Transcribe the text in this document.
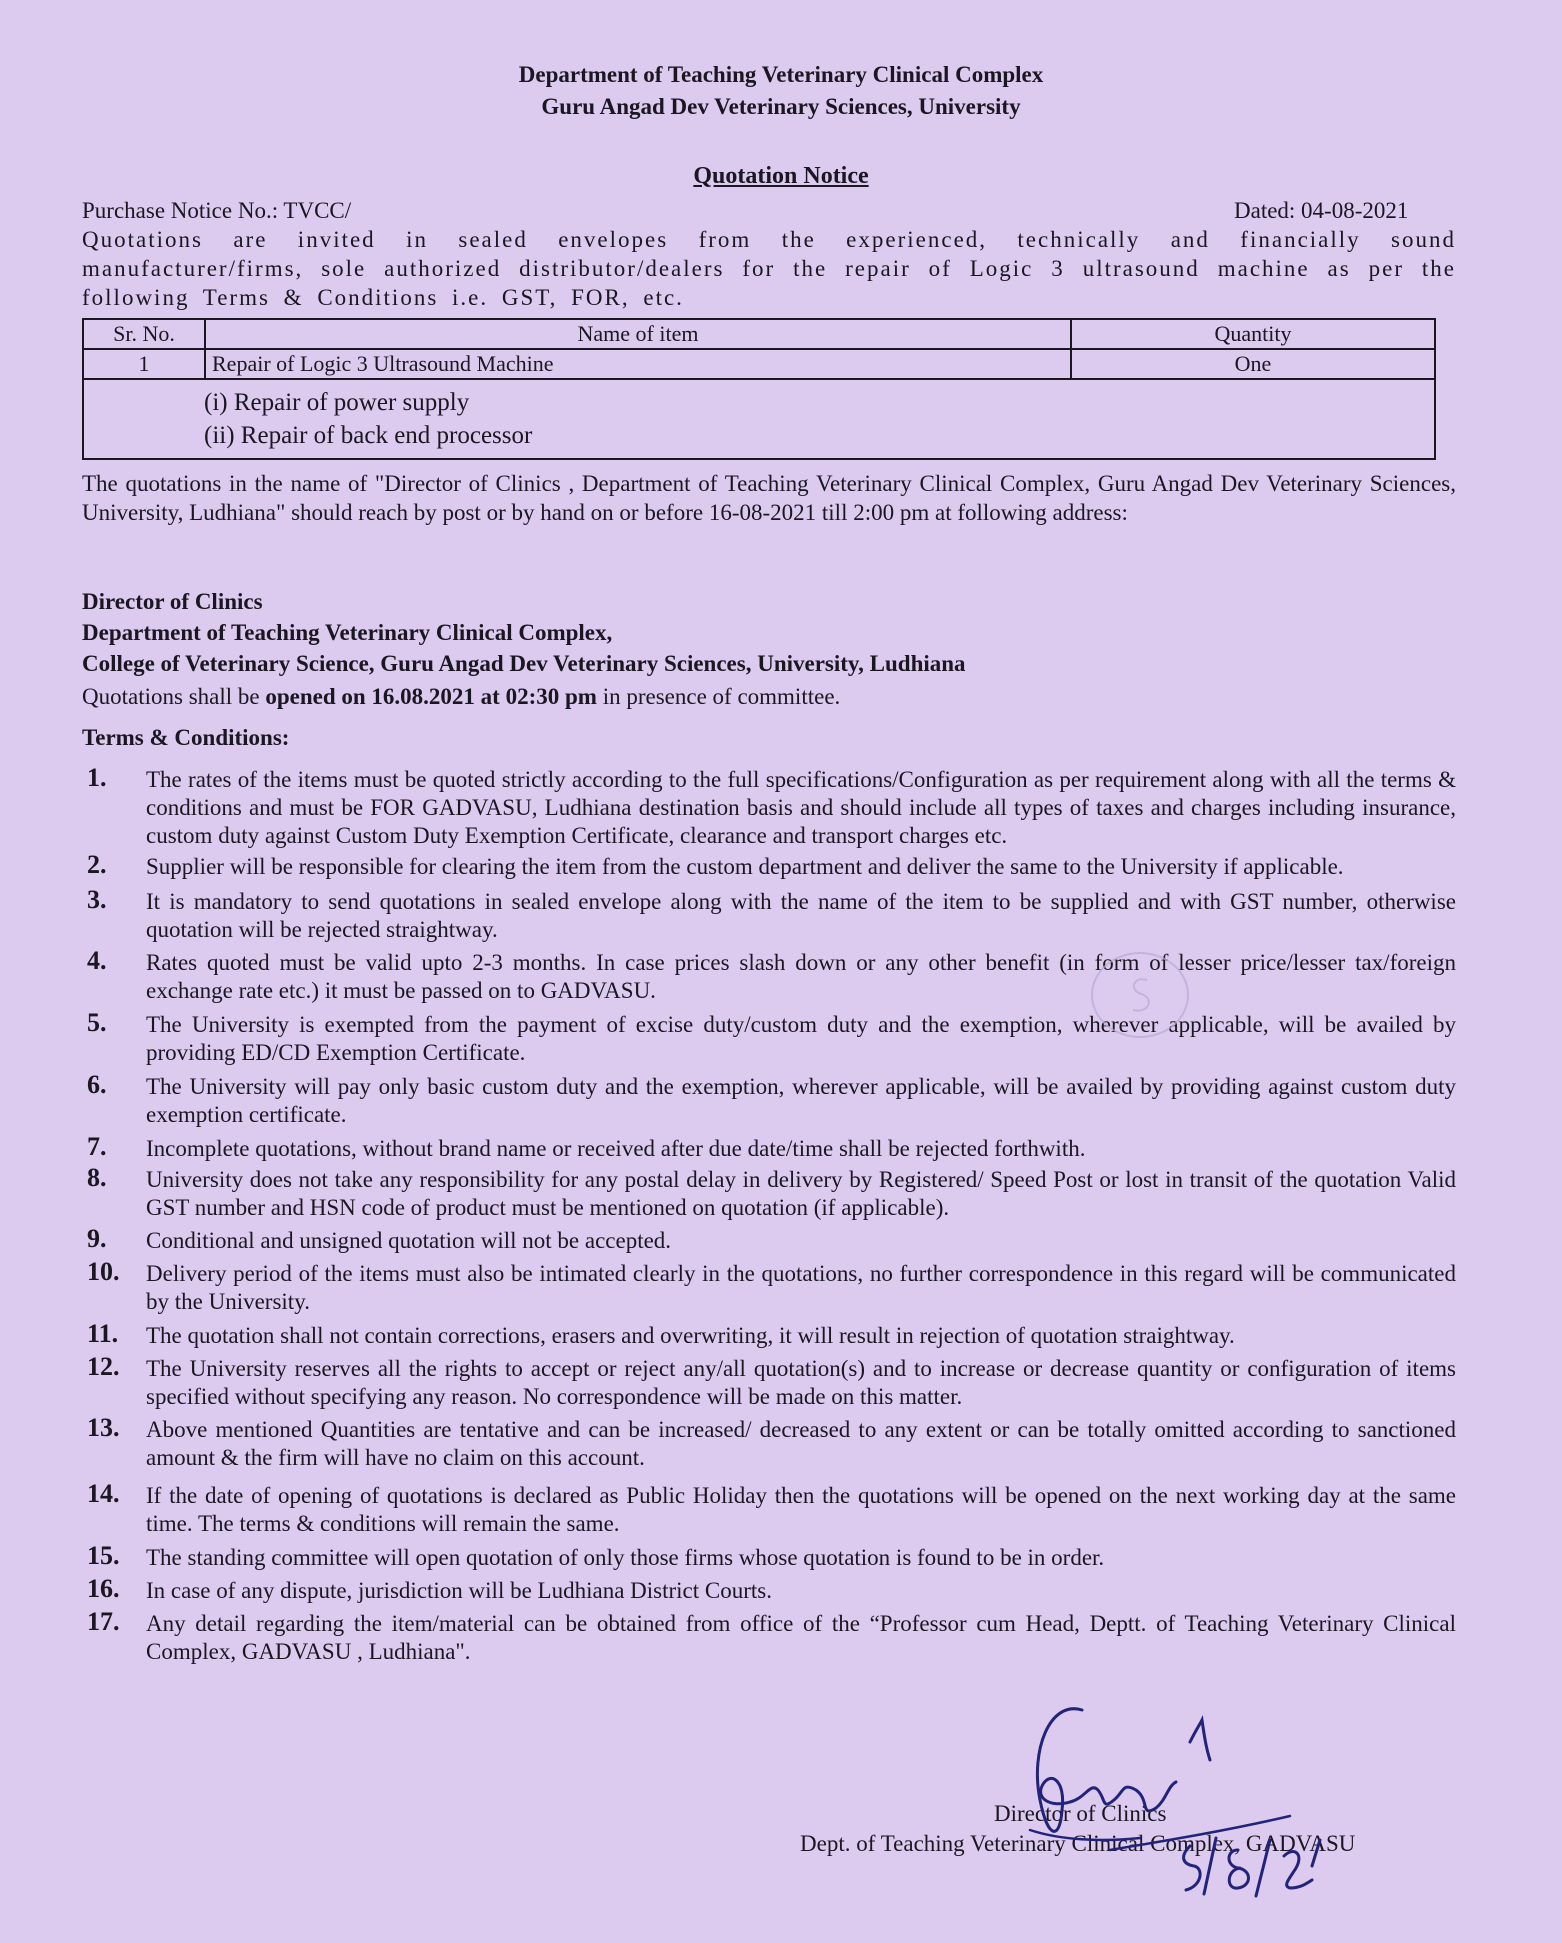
Department of Teaching Veterinary Clinical Complex
Guru Angad Dev Veterinary Sciences, University
Quotation Notice
Purchase Notice No.: TVCC/	Dated: 04-08-2021
Quotations are invited in sealed envelopes from the experienced, technically and financially sound manufacturer/firms, sole authorized distributor/dealers for the repair of Logic 3 ultrasound machine as per the following Terms & Conditions i.e. GST, FOR, etc.
Sr. No.	Name of item	Quantity
1	Repair of Logic 3 Ultrasound Machine	One

(i) Repair of power supply
(ii) Repair of back end processor		
The quotations in the name of "Director of Clinics , Department of Teaching Veterinary Clinical Complex, Guru Angad Dev Veterinary Sciences, University, Ludhiana" should reach by post or by hand on or before 16-08-2021 till 2:00 pm at following address:
Director of Clinics
Department of Teaching Veterinary Clinical Complex,
College of Veterinary Science, Guru Angad Dev Veterinary Sciences, University, Ludhiana
Quotations shall be opened on 16.08.2021 at 02:30 pm in presence of committee.
Terms & Conditions:
1. The rates of the items must be quoted strictly according to the full specifications/Configuration as per requirement along with all the terms & conditions and must be FOR GADVASU, Ludhiana destination basis and should include all types of taxes and charges including insurance, custom duty against Custom Duty Exemption Certificate, clearance and transport charges etc.
2. Supplier will be responsible for clearing the item from the custom department and deliver the same to the University if applicable.
3. It is mandatory to send quotations in sealed envelope along with the name of the item to be supplied and with GST number, otherwise quotation will be rejected straightway.
4. Rates quoted must be valid upto 2-3 months. In case prices slash down or any other benefit (in form of lesser price/lesser tax/foreign exchange rate etc.) it must be passed on to GADVASU.
5. The University is exempted from the payment of excise duty/custom duty and the exemption, wherever applicable, will be availed by providing ED/CD Exemption Certificate.
6. The University will pay only basic custom duty and the exemption, wherever applicable, will be availed by providing against custom duty exemption certificate.
7. Incomplete quotations, without brand name or received after due date/time shall be rejected forthwith.
8. University does not take any responsibility for any postal delay in delivery by Registered/ Speed Post or lost in transit of the quotation Valid GST number and HSN code of product must be mentioned on quotation (if applicable).
9. Conditional and unsigned quotation will not be accepted.
10. Delivery period of the items must also be intimated clearly in the quotations, no further correspondence in this regard will be communicated by the University.
11. The quotation shall not contain corrections, erasers and overwriting, it will result in rejection of quotation straightway.
12. The University reserves all the rights to accept or reject any/all quotation(s) and to increase or decrease quantity or configuration of items specified without specifying any reason. No correspondence will be made on this matter.
13. Above mentioned Quantities are tentative and can be increased/ decreased to any extent or can be totally omitted according to sanctioned amount & the firm will have no claim on this account.
14. If the date of opening of quotations is declared as Public Holiday then the quotations will be opened on the next working day at the same time. The terms & conditions will remain the same.
15. The standing committee will open quotation of only those firms whose quotation is found to be in order.
16. In case of any dispute, jurisdiction will be Ludhiana District Courts.
17. Any detail regarding the item/material can be obtained from office of the “Professor cum Head, Deptt. of Teaching Veterinary Clinical Complex, GADVASU , Ludhiana".
Director of Clinics
Dept. of Teaching Veterinary Clinical Complex, GADVASU
